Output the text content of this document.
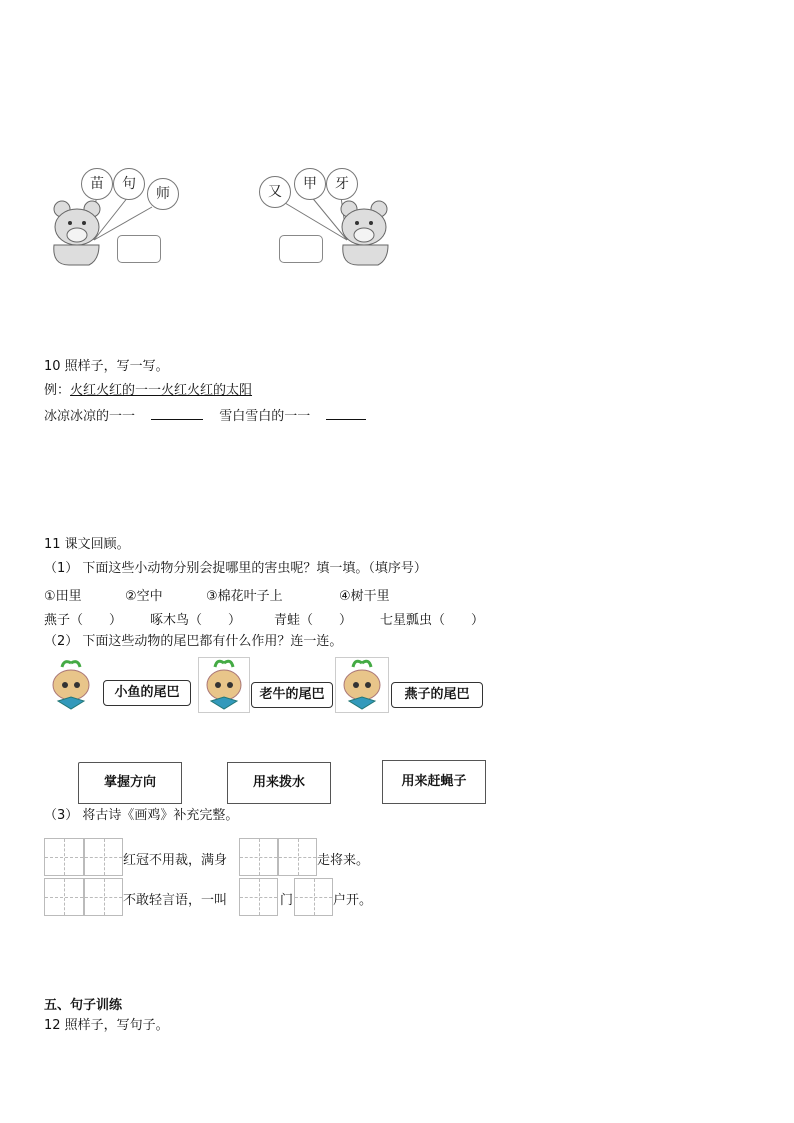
苗	句
师	又	甲	牙
10 照样子，写一写。
例：火红火红的一一火红火红的太阳
冰凉冰凉的一一	雪白雪白的一一
11 课文回顾。
（1） 下面这些小动物分别会捉哪里的害虫呢？填一填。（填序号）
①田里	②空中	③棉花叶子上	④树干里
燕子（　　） 啄木鸟（　　）	青蛙（　　） 七星瓢虫（　　）
（2） 下面这些动物的尾巴都有什么作用？连一连。
小鱼的尾巴	老牛的尾巴	燕子的尾巴
掌握方向	用来拨水	用来赶蝇子
（3） 将古诗《画鸡》补充完整。
红冠不用裁，满身	走将来。
不敢轻言语，一叫	门	户开。
五、句子训练
12 照样子，写句子。
